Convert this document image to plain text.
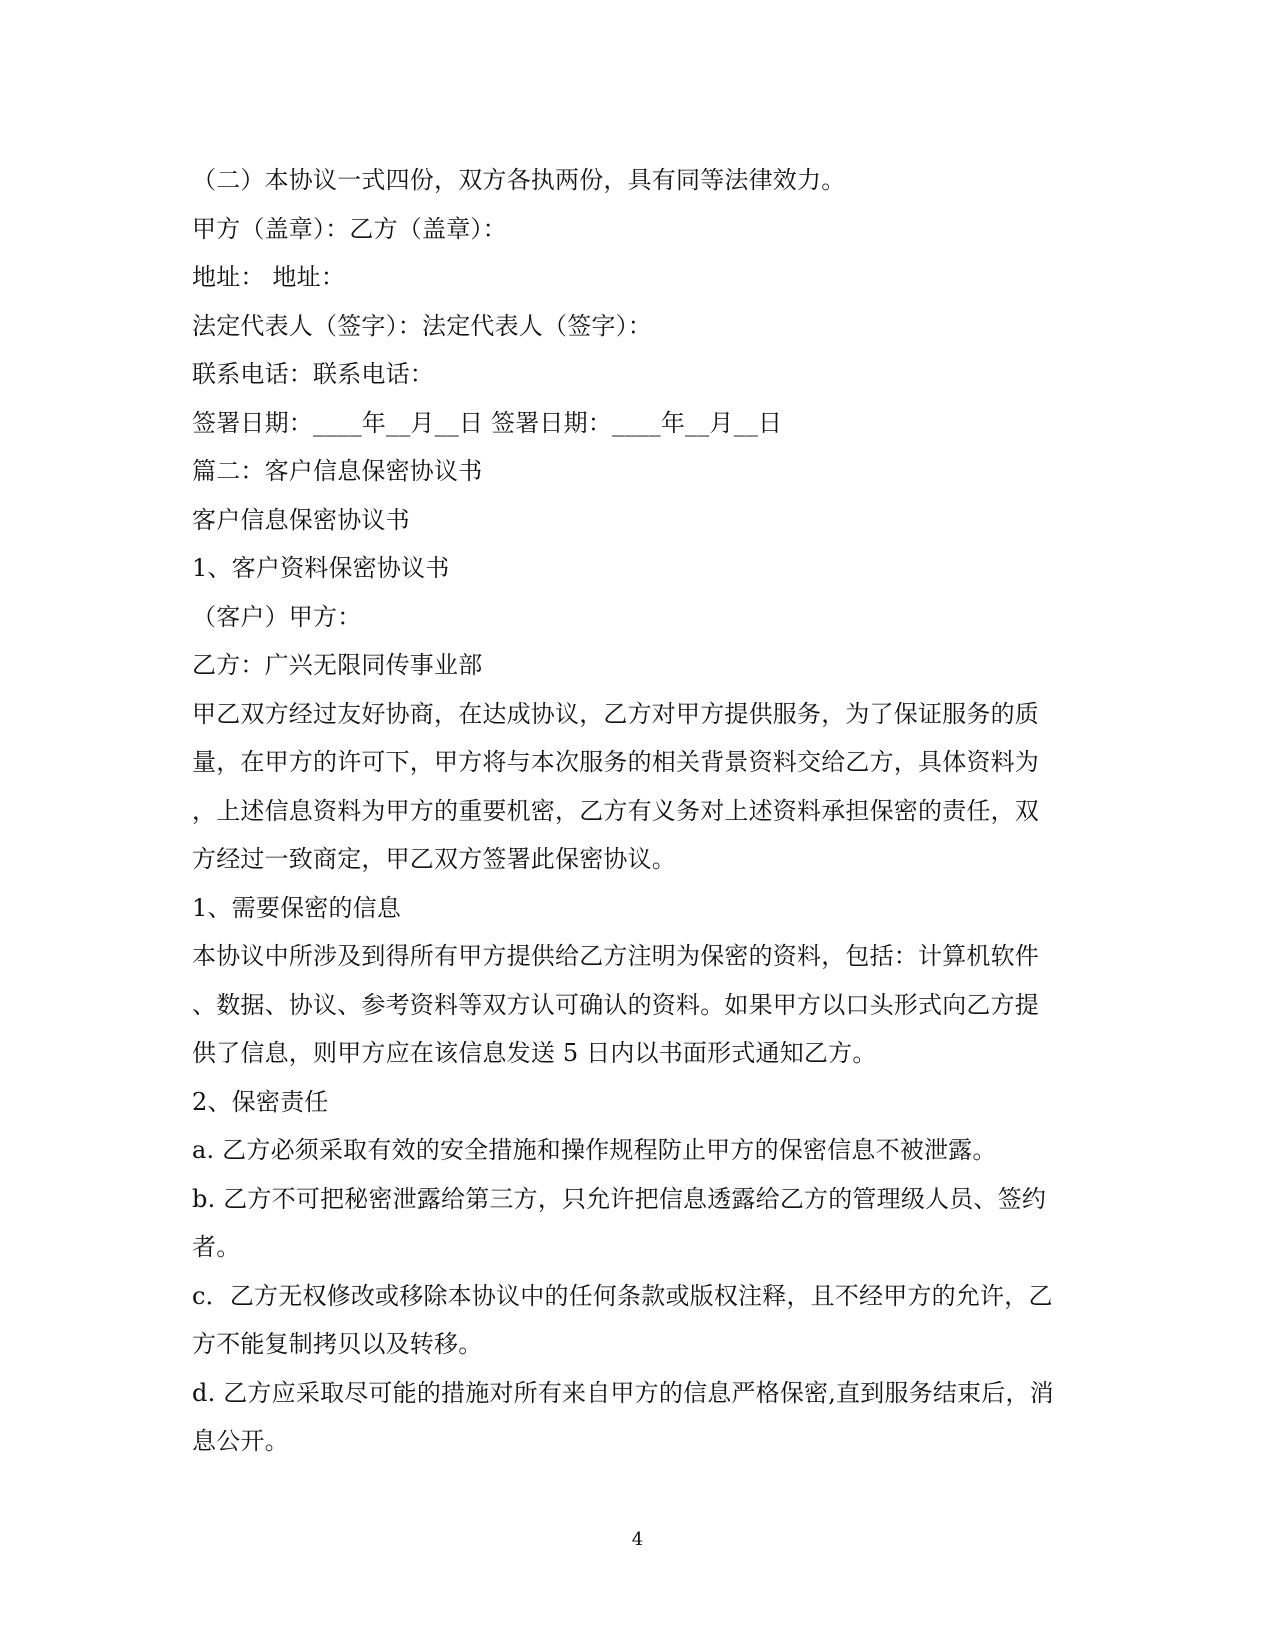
（二）本协议一式四份，双方各执两份，具有同等法律效力。
甲方（盖章）：乙方（盖章）：
地址： 地址：
法定代表人（签字）：法定代表人（签字）：
联系电话：联系电话：
签署日期：____年__月__日 签署日期：____年__月__日
篇二：客户信息保密协议书
客户信息保密协议书
1、客户资料保密协议书
（客户）甲方：
乙方：广兴无限同传事业部
甲乙双方经过友好协商，在达成协议，乙方对甲方提供服务，为了保证服务的质
量，在甲方的许可下，甲方将与本次服务的相关背景资料交给乙方，具体资料为
，上述信息资料为甲方的重要机密，乙方有义务对上述资料承担保密的责任，双
方经过一致商定，甲乙双方签署此保密协议。
1、需要保密的信息
本协议中所涉及到得所有甲方提供给乙方注明为保密的资料，包括：计算机软件
、数据、协议、参考资料等双方认可确认的资料。如果甲方以口头形式向乙方提
供了信息，则甲方应在该信息发送 5 日内以书面形式通知乙方。
2、保密责任
a. 乙方必须采取有效的安全措施和操作规程防止甲方的保密信息不被泄露。
b. 乙方不可把秘密泄露给第三方，只允许把信息透露给乙方的管理级人员、签约
者。
c．乙方无权修改或移除本协议中的任何条款或版权注释，且不经甲方的允许，乙
方不能复制拷贝以及转移。
d. 乙方应采取尽可能的措施对所有来自甲方的信息严格保密,直到服务结束后，消
息公开。
4
